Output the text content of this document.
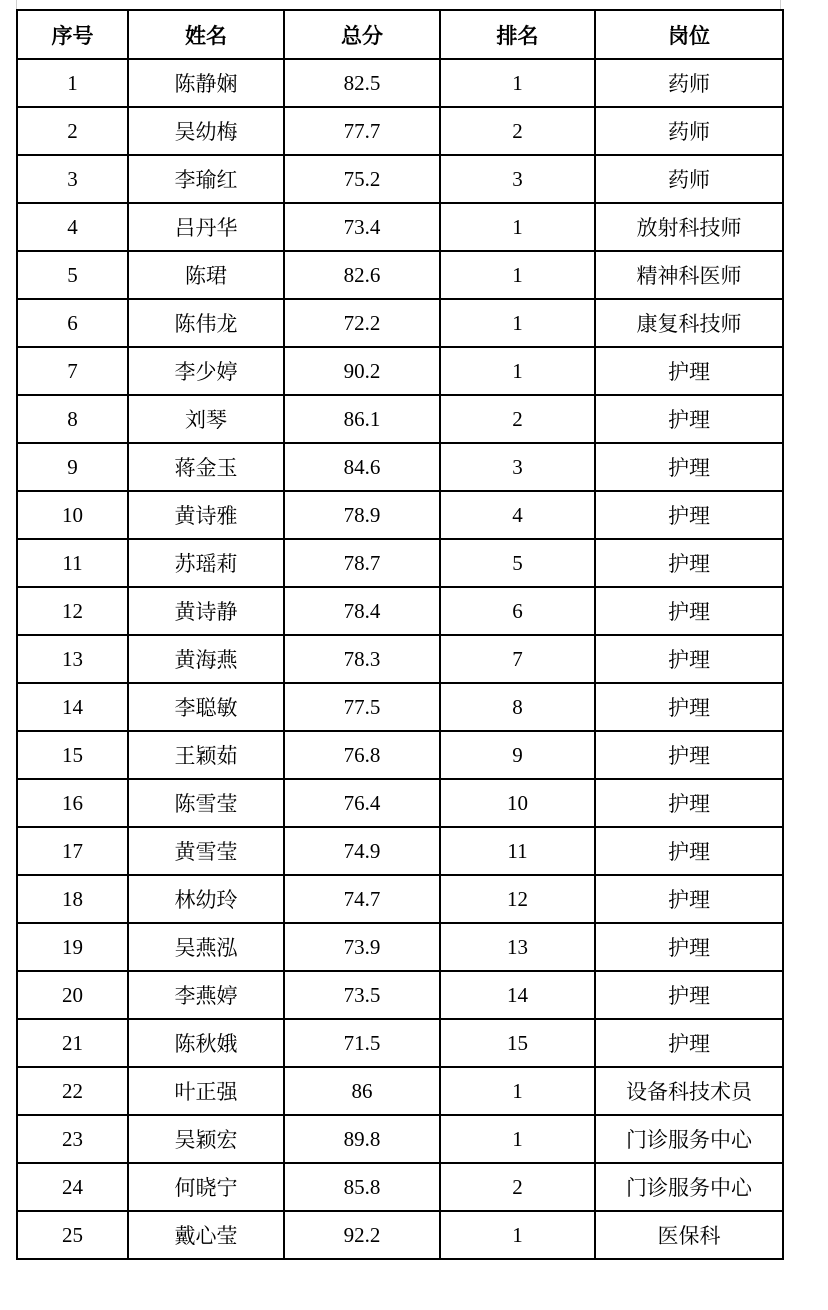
序号	姓名	总分	排名	岗位
1	陈静娴	82.5	1	药师
2	吴幼梅	77.7	2	药师
3	李瑜红	75.2	3	药师
4	吕丹华	73.4	1	放射科技师
5	陈珺	82.6	1	精神科医师
6	陈伟龙	72.2	1	康复科技师
7	李少婷	90.2	1	护理
8	刘琴	86.1	2	护理
9	蒋金玉	84.6	3	护理
10	黄诗雅	78.9	4	护理
11	苏瑶莉	78.7	5	护理
12	黄诗静	78.4	6	护理
13	黄海燕	78.3	7	护理
14	李聪敏	77.5	8	护理
15	王颖茹	76.8	9	护理
16	陈雪莹	76.4	10	护理
17	黄雪莹	74.9	11	护理
18	林幼玲	74.7	12	护理
19	吴燕泓	73.9	13	护理
20	李燕婷	73.5	14	护理
21	陈秋娥	71.5	15	护理
22	叶正强	86	1	设备科技术员
23	吴颖宏	89.8	1	门诊服务中心
24	何晓宁	85.8	2	门诊服务中心
25	戴心莹	92.2	1	医保科
